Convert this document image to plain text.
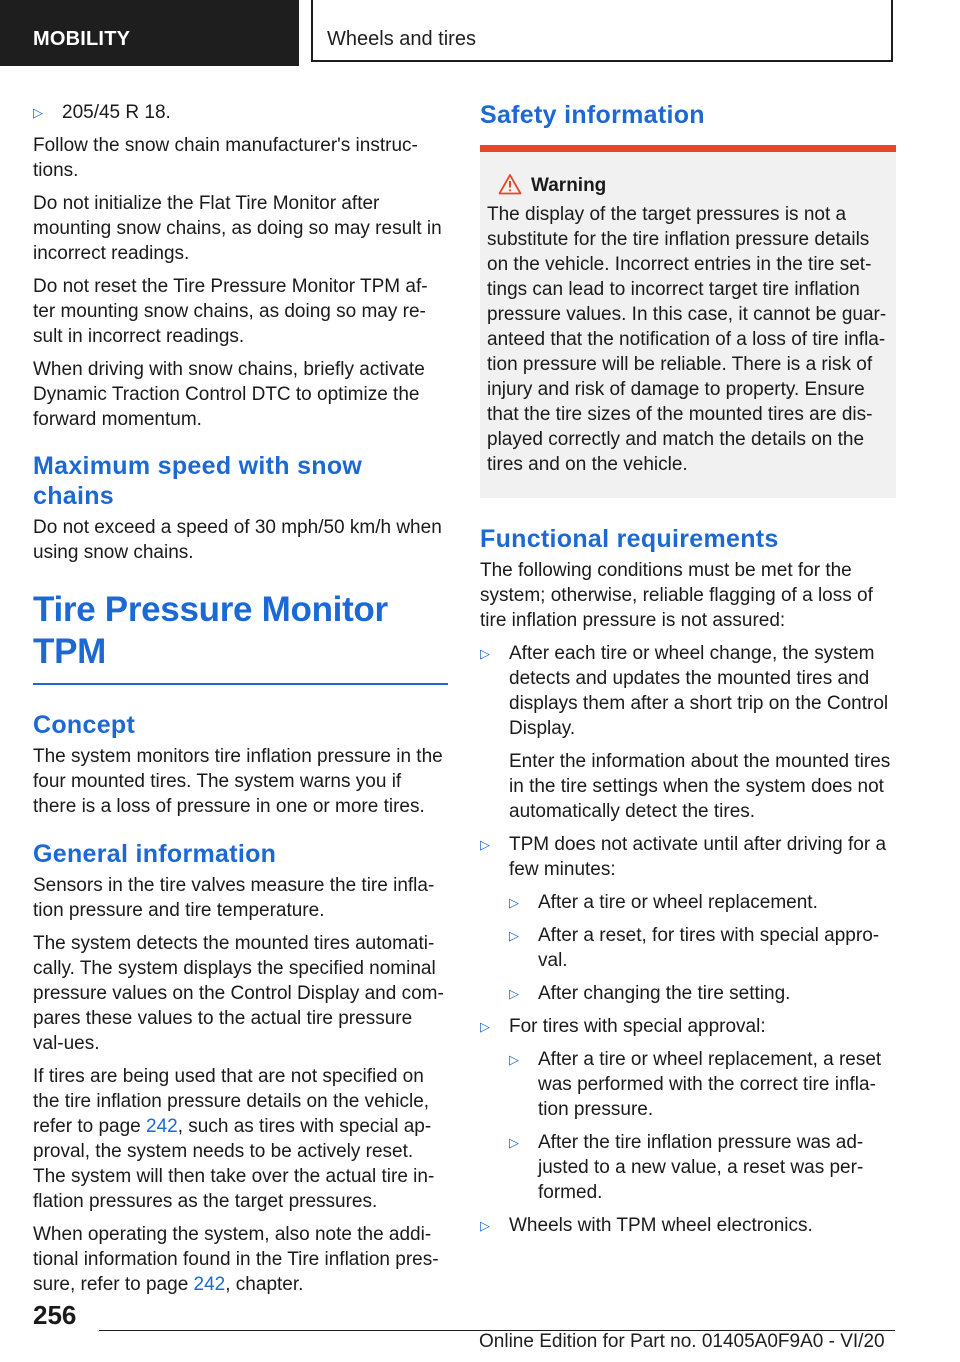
MOBILITY	Wheels and tires
▷ 205/45 R 18.

Follow the snow chain manufacturer's instruc-tions.

Do not initialize the Flat Tire Monitor after mounting snow chains, as doing so may result in incorrect readings.

Do not reset the Tire Pressure Monitor TPM af-ter mounting snow chains, as doing so may re-sult in incorrect readings.

When driving with snow chains, briefly activate Dynamic Traction Control DTC to optimize the forward momentum.

Maximum speed with snow chains

Do not exceed a speed of 30 mph/50 km/h when using snow chains.

Tire Pressure Monitor TPM
Concept

The system monitors tire inflation pressure in the four mounted tires. The system warns you if there is a loss of pressure in one or more tires.

General information

Sensors in the tire valves measure the tire infla-tion pressure and tire temperature.

The system detects the mounted tires automati-cally. The system displays the specified nominal pressure values on the Control Display and com-pares these values to the actual tire pressure val-ues.

If tires are being used that are not specified on the tire inflation pressure details on the vehicle, refer to page 242, such as tires with special ap-proval, the system needs to be actively reset. The system will then take over the actual tire in-flation pressures as the target pressures.

When operating the system, also note the addi-tional information found in the Tire inflation pres-sure, refer to page 242, chapter.

Safety information
Warning

The display of the target pressures is not a substitute for the tire inflation pressure details on the vehicle. Incorrect entries in the tire set-tings can lead to incorrect target tire inflation pressure values. In this case, it cannot be guar-anteed that the notification of a loss of tire infla-tion pressure will be reliable. There is a risk of injury and risk of damage to property. Ensure that the tire sizes of the mounted tires are dis-played correctly and match the details on the tires and on the vehicle.

Functional requirements

The following conditions must be met for the system; otherwise, reliable flagging of a loss of tire inflation pressure is not assured:

▷ After each tire or wheel change, the system detects and updates the mounted tires and displays them after a short trip on the Control Display.

Enter the information about the mounted tires in the tire settings when the system does not automatically detect the tires.

▷ TPM does not activate until after driving for a few minutes:
▷ After a tire or wheel replacement.
▷ After a reset, for tires with special appro-val.
▷ After changing the tire setting.
▷ For tires with special approval:
▷ After a tire or wheel replacement, a reset was performed with the correct tire infla-tion pressure.
▷ After the tire inflation pressure was ad-justed to a new value, a reset was per-formed.
▷ Wheels with TPM wheel electronics.
256
Online Edition for Part no. 01405A0F9A0 - VI/20
